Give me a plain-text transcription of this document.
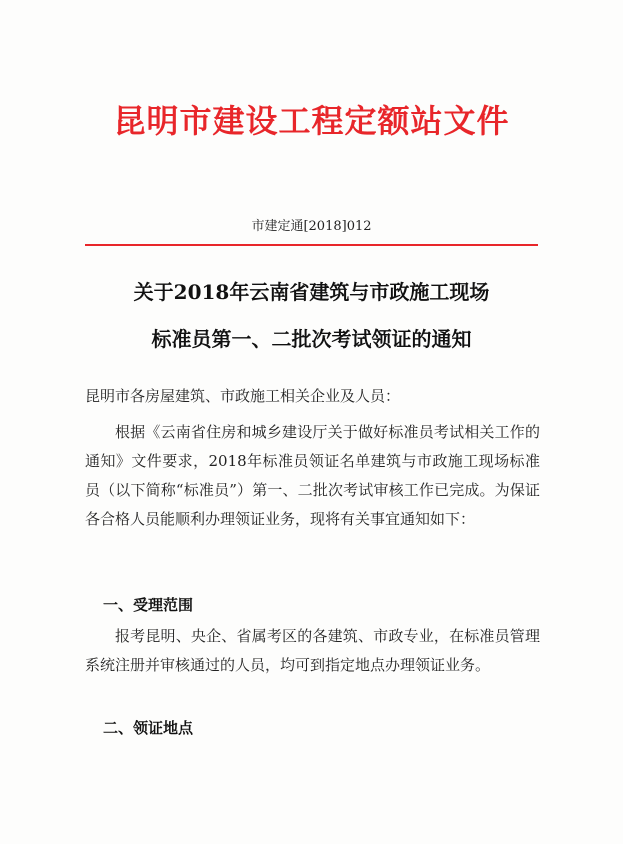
昆明市建设工程定额站文件
市建定通[2018]012
关于2018年云南省建筑与市政施工现场
标准员第一、二批次考试领证的通知
昆明市各房屋建筑、市政施工相关企业及人员：
根据《云南省住房和城乡建设厅关于做好标准员考试相关工作的通知》文件要求，2018年标准员领证名单建筑与市政施工现场标准员（以下简称“标准员”）第一、二批次考试审核工作已完成。为保证各合格人员能顺利办理领证业务，现将有关事宜通知如下：
一、受理范围
报考昆明、央企、省属考区的各建筑、市政专业，在标准员管理系统注册并审核通过的人员，均可到指定地点办理领证业务。
二、领证地点
